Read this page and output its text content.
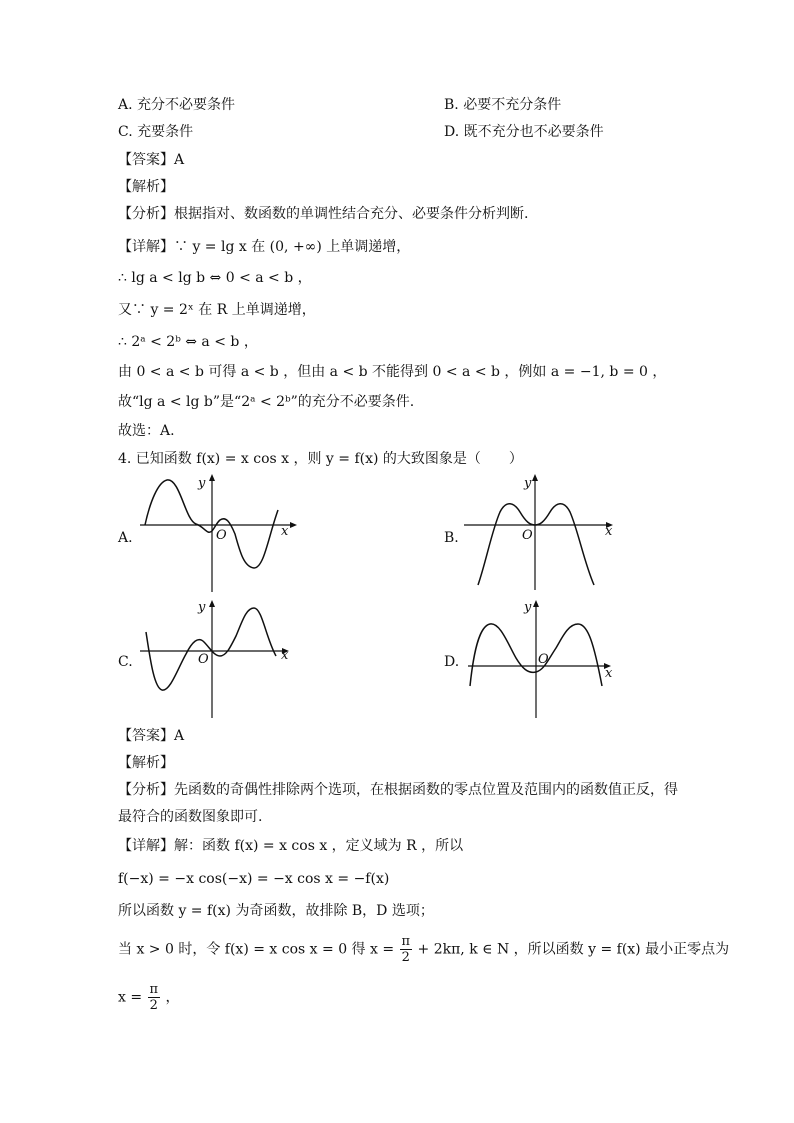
A. 充分不必要条件	B. 必要不充分条件
C. 充要条件	D. 既不充分也不必要条件
【答案】A
【解析】
【分析】根据指对、数函数的单调性结合充分、必要条件分析判断.
【详解】∵ y = lg x 在 (0, +∞) 上单调递增，
∴ lg a < lg b ⇔ 0 < a < b ，
又∵ y = 2ˣ 在 R 上单调递增，
∴ 2ᵃ < 2ᵇ ⇔ a < b ，
由 0 < a < b 可得 a < b ，但由 a < b 不能得到 0 < a < b ，例如 a = −1, b = 0 ，
故“lg a < lg b”是“2ᵃ < 2ᵇ”的充分不必要条件.
故选：A.
4. 已知函数 f(x) = x cos x ，则 y = f(x) 的大致图象是（　　）
A.	B.
C.	D.
y
x
O
y
x
O
y
x
O
y
x
O
【答案】A
【解析】
【分析】先函数的奇偶性排除两个选项，在根据函数的零点位置及范围内的函数值正反，得
最符合的函数图象即可.
【详解】解：函数 f(x) = x cos x ，定义域为 R ，所以
f(−x) = −x cos(−x) = −x cos x = −f(x)
所以函数 y = f(x) 为奇函数，故排除 B，D 选项；
当 x > 0 时，令 f(x) = x cos x = 0 得 $x = \frac{\pi}{2} + 2k\pi$, k ∈ N ，所以函数 y = f(x) 最小正零点为
$x = \frac{\pi}{2}$ ，
